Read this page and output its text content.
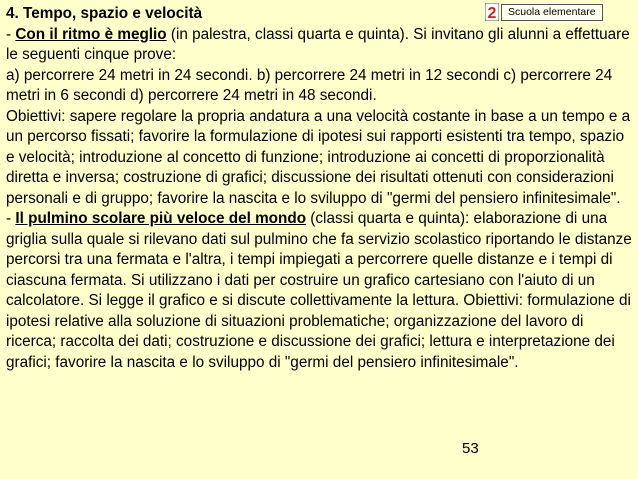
2	Scuola elementare

4. Tempo, spazio e velocità

- Con il ritmo è meglio (in palestra, classi quarta e quinta). Si invitano gli alunni a effettuare le seguenti cinque prove:

a) percorrere 24 metri in 24 secondi. b) percorrere 24 metri in 12 secondi c) percorrere 24 metri in 6 secondi d) percorrere 24 metri in 48 secondi.

Obiettivi: sapere regolare la propria andatura a una velocità costante in base a un tempo e a un percorso fissati; favorire la formulazione di ipotesi sui rapporti esistenti tra tempo, spazio e velocità; introduzione al concetto di funzione; introduzione ai concetti di proporzionalità diretta e inversa; costruzione di grafici; discussione dei risultati ottenuti con considerazioni personali e di gruppo; favorire la nascita e lo sviluppo di "germi del pensiero infinitesimale".

- Il pulmino scolare più veloce del mondo (classi quarta e quinta): elaborazione di una griglia sulla quale si rilevano dati sul pulmino che fa servizio scolastico riportando le distanze percorsi tra una fermata e l'altra, i tempi impiegati a percorrere quelle distanze e i tempi di ciascuna fermata. Si utilizzano i dati per costruire un grafico cartesiano con l'aiuto di un calcolatore. Si legge il grafico e si discute collettivamente la lettura. Obiettivi: formulazione di ipotesi relative alla soluzione di situazioni problematiche; organizzazione del lavoro di ricerca; raccolta dei dati; costruzione e discussione dei grafici; lettura e interpretazione dei grafici; favorire la nascita e lo sviluppo di "germi del pensiero infinitesimale".

53
